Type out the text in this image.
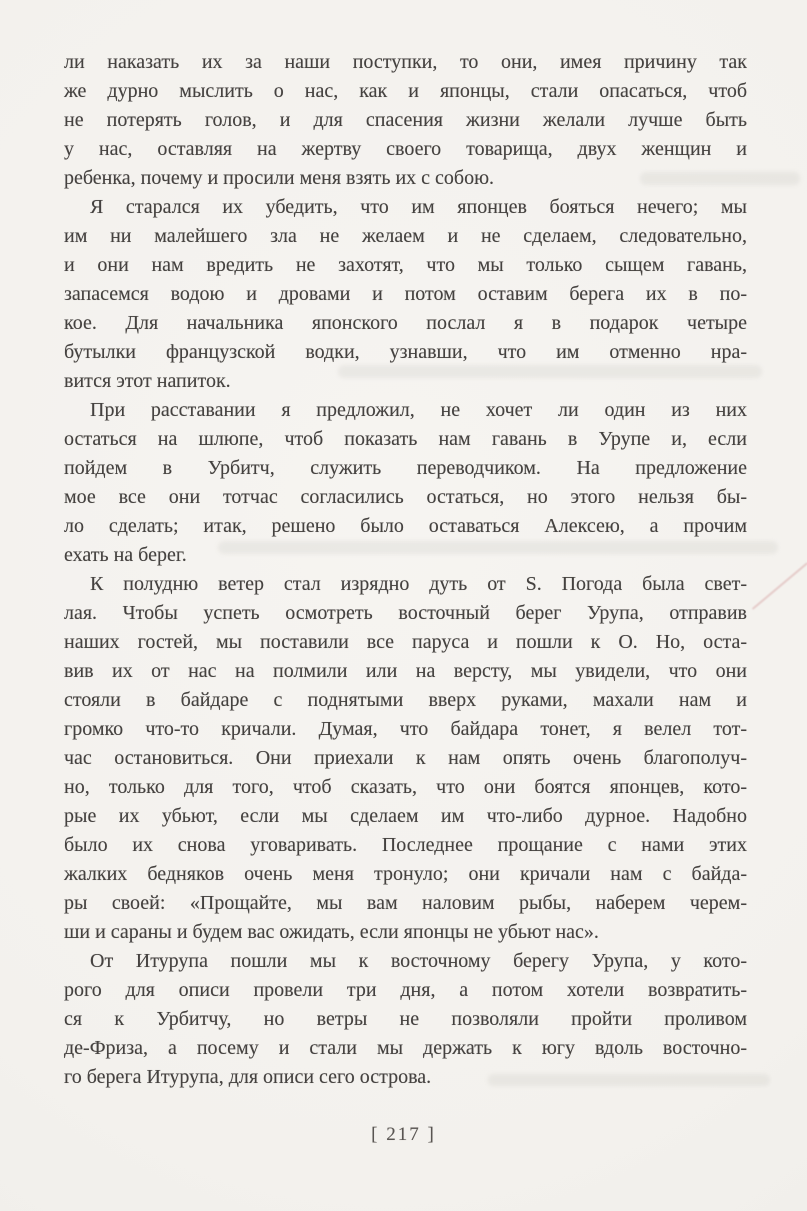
ли наказать их за наши поступки, то они, имея причину так
же дурно мыслить о нас, как и японцы, стали опасаться, чтоб
не потерять голов, и для спасения жизни желали лучше быть
у нас, оставляя на жертву своего товарища, двух женщин и
ребенка, почему и просили меня взять их с собою.
Я старался их убедить, что им японцев бояться нечего; мы
им ни малейшего зла не желаем и не сделаем, следовательно,
и они нам вредить не захотят, что мы только сыщем гавань,
запасемся водою и дровами и потом оставим берега их в по-
кое. Для начальника японского послал я в подарок четыре
бутылки французской водки, узнавши, что им отменно нра-
вится этот напиток.
При расставании я предложил, не хочет ли один из них
остаться на шлюпе, чтоб показать нам гавань в Урупе и, если
пойдем в Урбитч, служить переводчиком. На предложение
мое все они тотчас согласились остаться, но этого нельзя бы-
ло сделать; итак, решено было оставаться Алексею, а прочим
ехать на берег.
К полудню ветер стал изрядно дуть от S. Погода была свет-
лая. Чтобы успеть осмотреть восточный берег Урупа, отправив
наших гостей, мы поставили все паруса и пошли к О. Но, оста-
вив их от нас на полмили или на версту, мы увидели, что они
стояли в байдаре с поднятыми вверх руками, махали нам и
громко что-то кричали. Думая, что байдара тонет, я велел тот-
час остановиться. Они приехали к нам опять очень благополуч-
но, только для того, чтоб сказать, что они боятся японцев, кото-
рые их убьют, если мы сделаем им что-либо дурное. Надобно
было их снова уговаривать. Последнее прощание с нами этих
жалких бедняков очень меня тронуло; они кричали нам с байда-
ры своей: «Прощайте, мы вам наловим рыбы, наберем черем-
ши и сараны и будем вас ожидать, если японцы не убьют нас».
От Итурупа пошли мы к восточному берегу Урупа, у кото-
рого для описи провели три дня, а потом хотели возвратить-
ся к Урбитчу, но ветры не позволяли пройти проливом
де-Фриза, а посему и стали мы держать к югу вдоль восточно-
го берега Итурупа, для описи сего острова.
[ 217 ]
